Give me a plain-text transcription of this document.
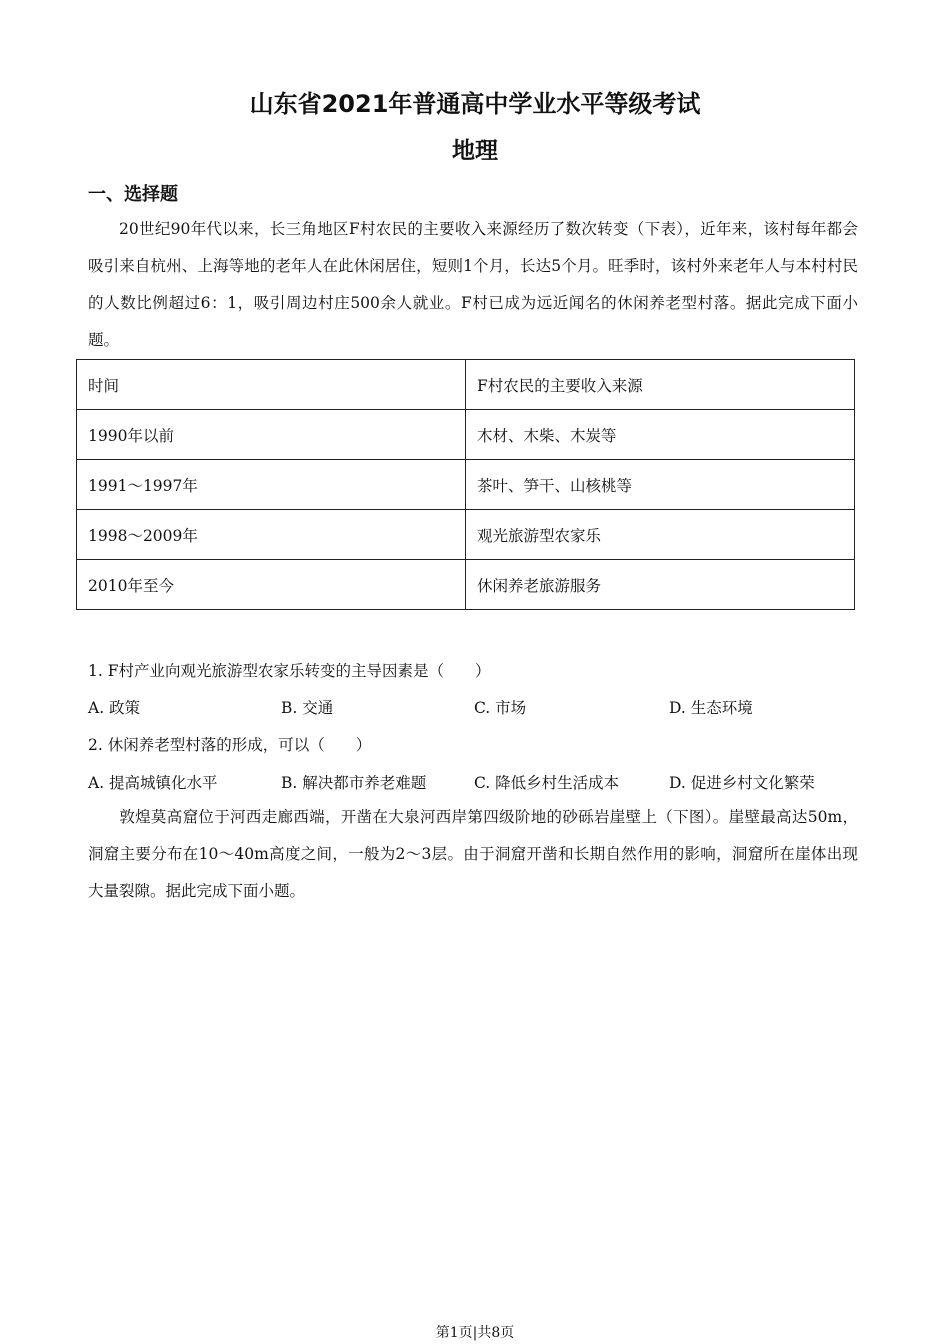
山东省2021年普通高中学业水平等级考试
地理
一、选择题
20世纪90年代以来，长三角地区F村农民的主要收入来源经历了数次转变（下表），近年来，该村每年都会吸引来自杭州、上海等地的老年人在此休闲居住，短则1个月，长达5个月。旺季时，该村外来老年人与本村村民的人数比例超过6：1，吸引周边村庄500余人就业。F村已成为远近闻名的休闲养老型村落。据此完成下面小题。
时间	F村农民的主要收入来源
1990年以前	木材、木柴、木炭等
1991～1997年	茶叶、笋干、山核桃等
1998～2009年	观光旅游型农家乐
2010年至今	休闲养老旅游服务
1. F村产业向观光旅游型农家乐转变的主导因素是（　　）
A. 政策	B. 交通	C. 市场	D. 生态环境
2. 休闲养老型村落的形成，可以（　　）
A. 提高城镇化水平	B. 解决都市养老难题	C. 降低乡村生活成本	D. 促进乡村文化繁荣
敦煌莫高窟位于河西走廊西端，开凿在大泉河西岸第四级阶地的砂砾岩崖壁上（下图）。崖壁最高达50m，洞窟主要分布在10～40m高度之间，一般为2～3层。由于洞窟开凿和长期自然作用的影响，洞窟所在崖体出现大量裂隙。据此完成下面小题。
第1页|共8页
